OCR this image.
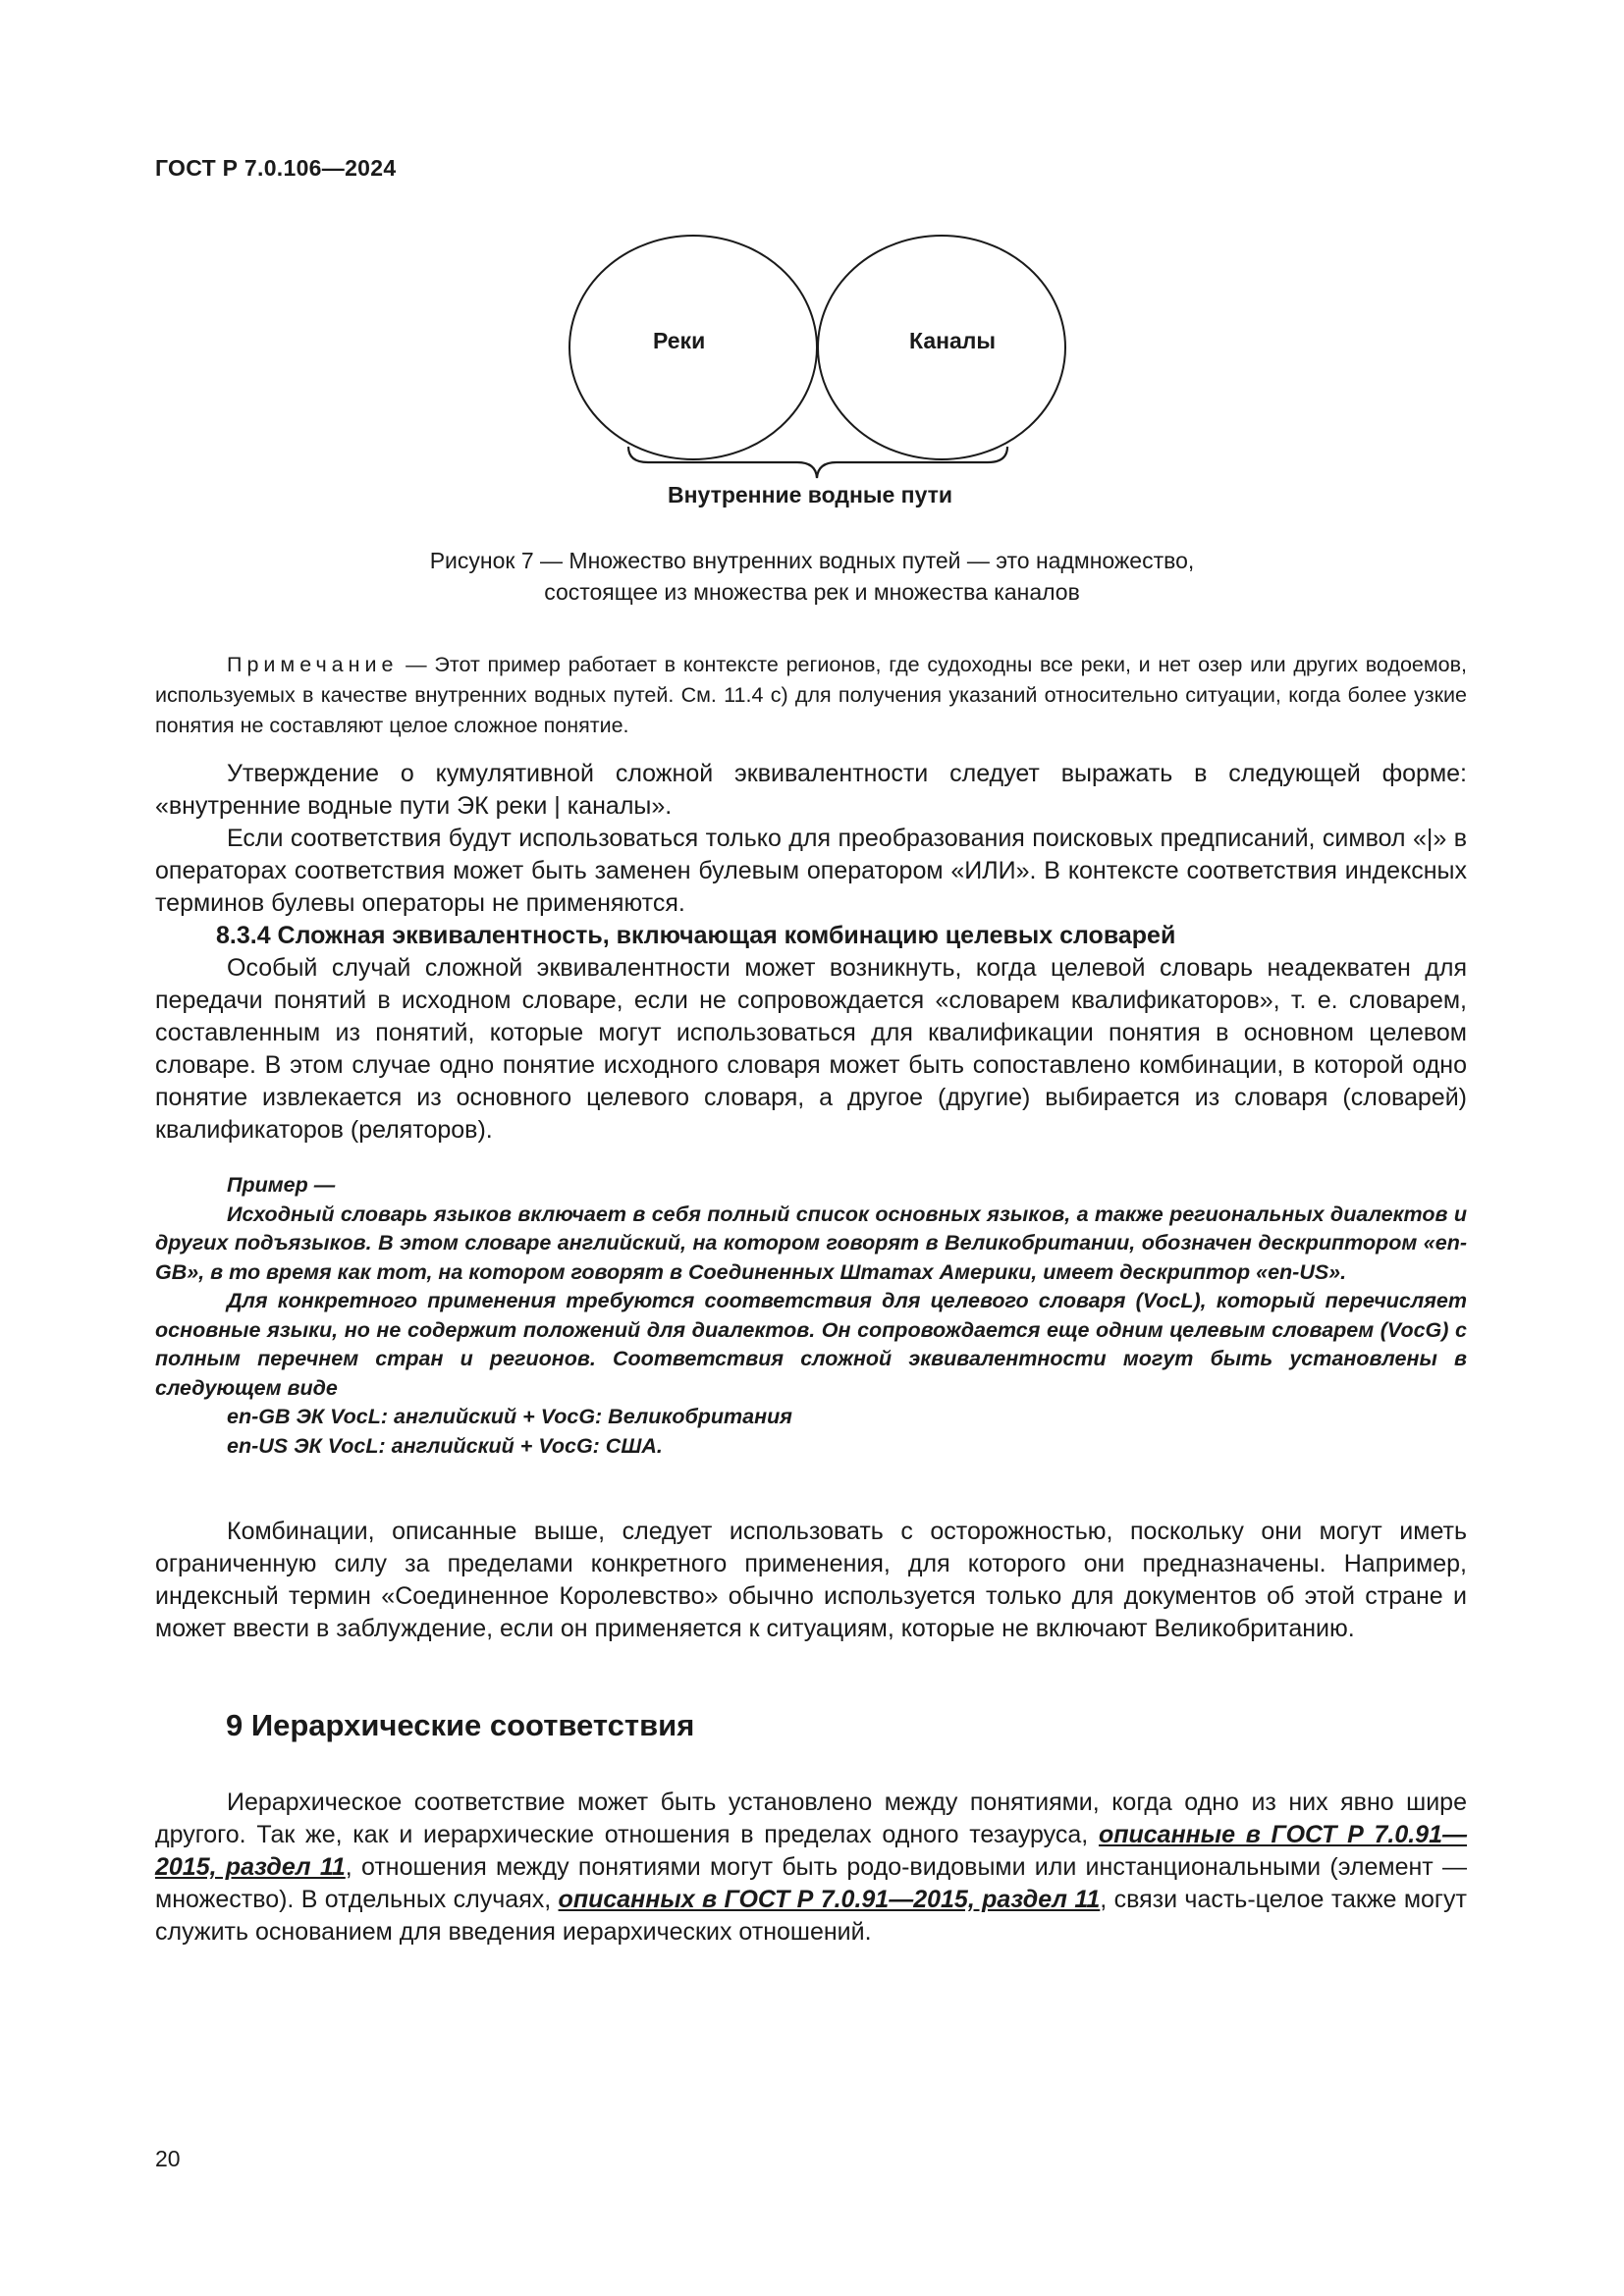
ГОСТ Р 7.0.106—2024
Реки	Каналы
Внутренние водные пути
Рисунок 7 — Множество внутренних водных путей — это надмножество,
состоящее из множества рек и множества каналов
Примечание — Этот пример работает в контексте регионов, где судоходны все реки, и нет озер или других водоемов, используемых в качестве внутренних водных путей. См. 11.4 c) для получения указаний относительно ситуации, когда более узкие понятия не составляют целое сложное понятие.

Утверждение о кумулятивной сложной эквивалентности следует выражать в следующей форме: «внутренние водные пути ЭК реки | каналы».

Если соответствия будут использоваться только для преобразования поисковых предписаний, символ «|» в операторах соответствия может быть заменен булевым оператором «ИЛИ». В контексте соответствия индексных терминов булевы операторы не применяются.

8.3.4 Сложная эквивалентность, включающая комбинацию целевых словарей

Особый случай сложной эквивалентности может возникнуть, когда целевой словарь неадекватен для передачи понятий в исходном словаре, если не сопровождается «словарем квалификаторов», т. е. словарем, составленным из понятий, которые могут использоваться для квалификации понятия в основном целевом словаре. В этом случае одно понятие исходного словаря может быть сопоставлено комбинации, в которой одно понятие извлекается из основного целевого словаря, а другое (другие) выбирается из словаря (словарей) квалификаторов (реляторов).

Пример —

Исходный словарь языков включает в себя полный список основных языков, а также региональных диалектов и других подъязыков. В этом словаре английский, на котором говорят в Великобритании, обозначен дескриптором «en-GB», в то время как тот, на котором говорят в Соединенных Штатах Америки, имеет дескриптор «en-US».

Для конкретного применения требуются соответствия для целевого словаря (VocL), который перечисляет основные языки, но не содержит положений для диалектов. Он сопровождается еще одним целевым словарем (VocG) с полным перечнем стран и регионов. Соответствия сложной эквивалентности могут быть установлены в следующем виде

en-GB ЭК VocL: английский + VocG: Великобритания

en-US ЭК VocL: английский + VocG: США.

Комбинации, описанные выше, следует использовать с осторожностью, поскольку они могут иметь ограниченную силу за пределами конкретного применения, для которого они предназначены. Например, индексный термин «Соединенное Королевство» обычно используется только для документов об этой стране и может ввести в заблуждение, если он применяется к ситуациям, которые не включают Великобританию.

9 Иерархические соответствия

Иерархическое соответствие может быть установлено между понятиями, когда одно из них явно шире другого. Так же, как и иерархические отношения в пределах одного тезауруса, описанные в ГОСТ Р 7.0.91—2015, раздел 11, отношения между понятиями могут быть родо-видовыми или инстанциональными (элемент — множество). В отдельных случаях, описанных в ГОСТ Р 7.0.91—2015, раздел 11, связи часть-целое также могут служить основанием для введения иерархических отношений.

20
